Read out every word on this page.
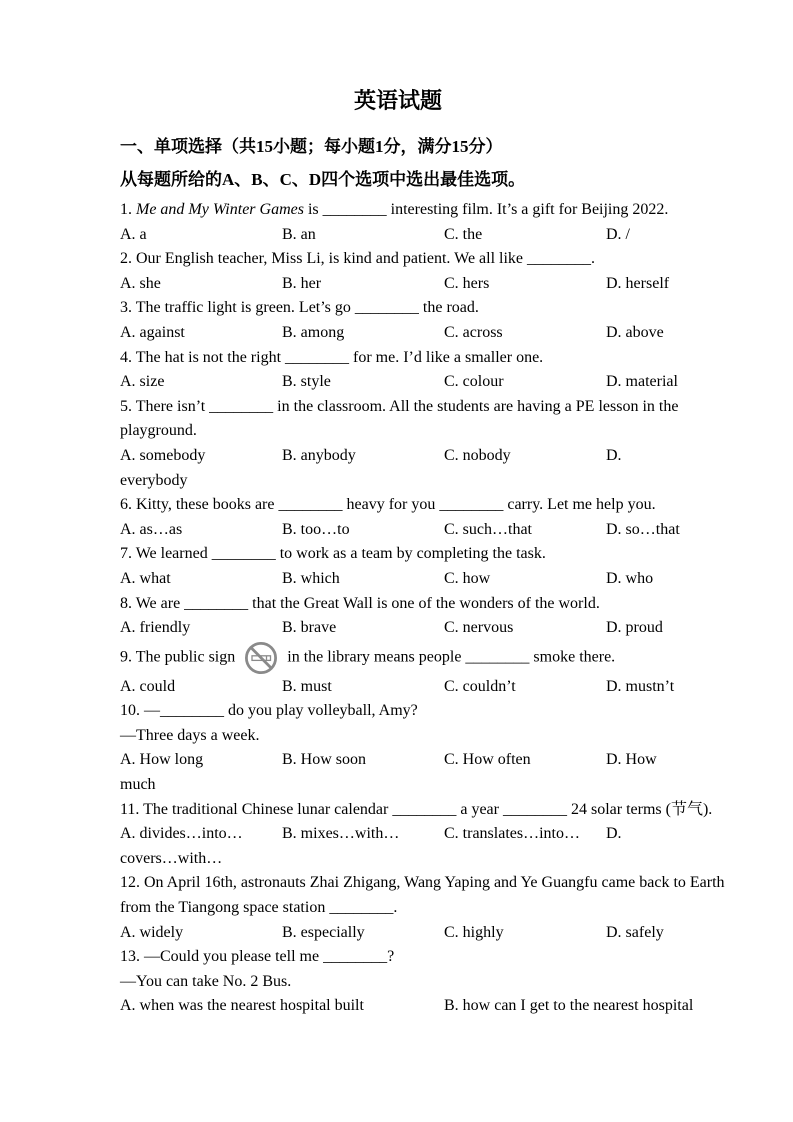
英语试题
一、单项选择（共15小题；每小题1分，满分15分）
从每题所给的A、B、C、D四个选项中选出最佳选项。
1. Me and My Winter Games is ________ interesting film. It’s a gift for Beijing 2022.
A. a	B. an	C. the	D. /
2. Our English teacher, Miss Li, is kind and patient. We all like ________.
A. she	B. her	C. hers	D. herself
3. The traffic light is green. Let’s go ________ the road.
A. against	B. among	C. across	D. above
4. The hat is not the right ________ for me. I’d like a smaller one.
A. size	B. style	C. colour	D. material
5. There isn’t ________ in the classroom. All the students are having a PE lesson in the
playground.
A. somebody	B. anybody	C. nobody	D.
everybody
6. Kitty, these books are ________ heavy for you ________ carry. Let me help you.
A. as…as	B. too…to	C. such…that	D. so…that
7. We learned ________ to work as a team by completing the task.
A. what	B. which	C. how	D. who
8. We are ________ that the Great Wall is one of the wonders of the world.
A. friendly	B. brave	C. nervous	D. proud
9. The public sign	in the library means people ________ smoke there.
A. could	B. must	C. couldn’t	D. mustn’t
10. —________ do you play volleyball, Amy?
—Three days a week.
A. How long	B. How soon	C. How often	D. How
much
11. The traditional Chinese lunar calendar ________ a year ________ 24 solar terms (节气).
A. divides…into…	B. mixes…with…	C. translates…into…	D.
covers…with…
12. On April 16th, astronauts Zhai Zhigang, Wang Yaping and Ye Guangfu came back to Earth
from the Tiangong space station ________.
A. widely	B. especially	C. highly	D. safely
13. —Could you please tell me ________?
—You can take No. 2 Bus.
A. when was the nearest hospital built	B. how can I get to the nearest hospital
